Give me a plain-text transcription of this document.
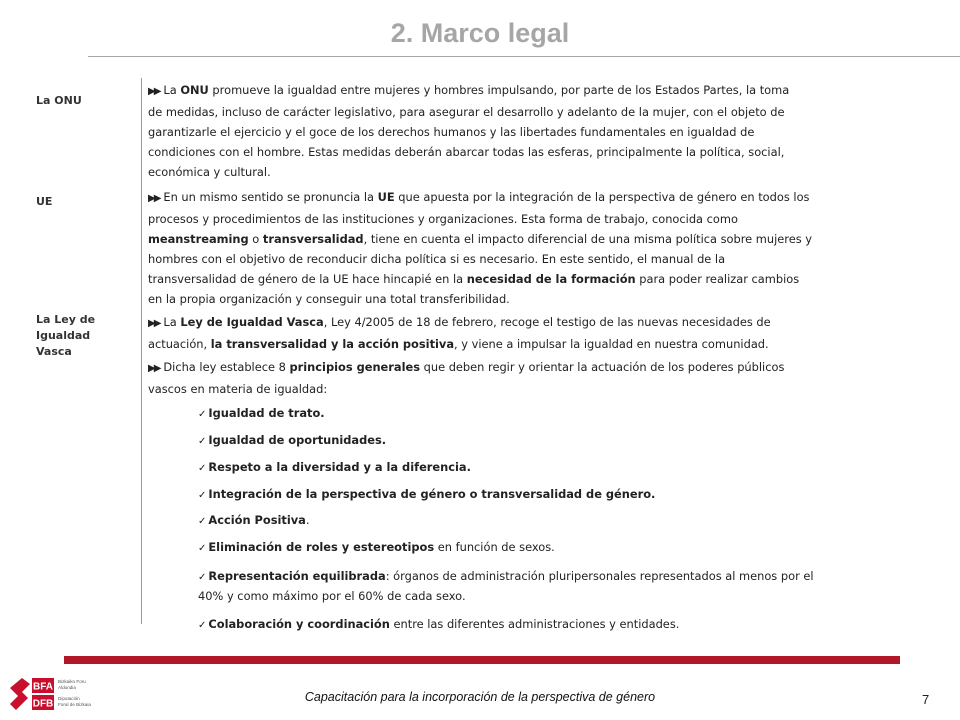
2. Marco legal
La ONU
UE
La Ley de
Igualdad
Vasca
▶▶ La ONU promueve la igualdad entre mujeres y hombres impulsando, por parte de los Estados Partes, la toma
de medidas, incluso de carácter legislativo, para asegurar el desarrollo y adelanto de la mujer, con el objeto de
garantizarle el ejercicio y el goce de los derechos humanos y las libertades fundamentales en igualdad de
condiciones con el hombre. Estas medidas deberán abarcar todas las esferas, principalmente la política, social,
económica y cultural.
▶▶ En un mismo sentido se pronuncia la UE que apuesta por la integración de la perspectiva de género en todos los
procesos y procedimientos de las instituciones y organizaciones. Esta forma de trabajo, conocida como
meanstreaming o transversalidad, tiene en cuenta el impacto diferencial de una misma política sobre mujeres y
hombres con el objetivo de reconducir dicha política si es necesario. En este sentido, el manual de la
transversalidad de género de la UE hace hincapié en la necesidad de la formación para poder realizar cambios
en la propia organización y conseguir una total transferibilidad.
▶▶ La Ley de Igualdad Vasca, Ley 4/2005 de 18 de febrero, recoge el testigo de las nuevas necesidades de
actuación, la transversalidad y la acción positiva, y viene a impulsar la igualdad en nuestra comunidad.
▶▶ Dicha ley establece 8 principios generales que deben regir y orientar la actuación de los poderes públicos
vascos en materia de igualdad:
✓ Igualdad de trato.
✓ Igualdad de oportunidades.
✓ Respeto a la diversidad y a la diferencia.
✓ Integración de la perspectiva de género o transversalidad de género.
✓ Acción Positiva.
✓ Eliminación de roles y estereotipos en función de sexos.
✓ Representación equilibrada: órganos de administración pluripersonales representados al menos por el
40% y como máximo por el 60% de cada sexo.
✓ Colaboración y coordinación entre las diferentes administraciones y entidades.
BFA
DFB
Bizkaiko Foru
Aldundia
Diputación
Foral de Bizkaia
Capacitación para la incorporación de la perspectiva de género	7
